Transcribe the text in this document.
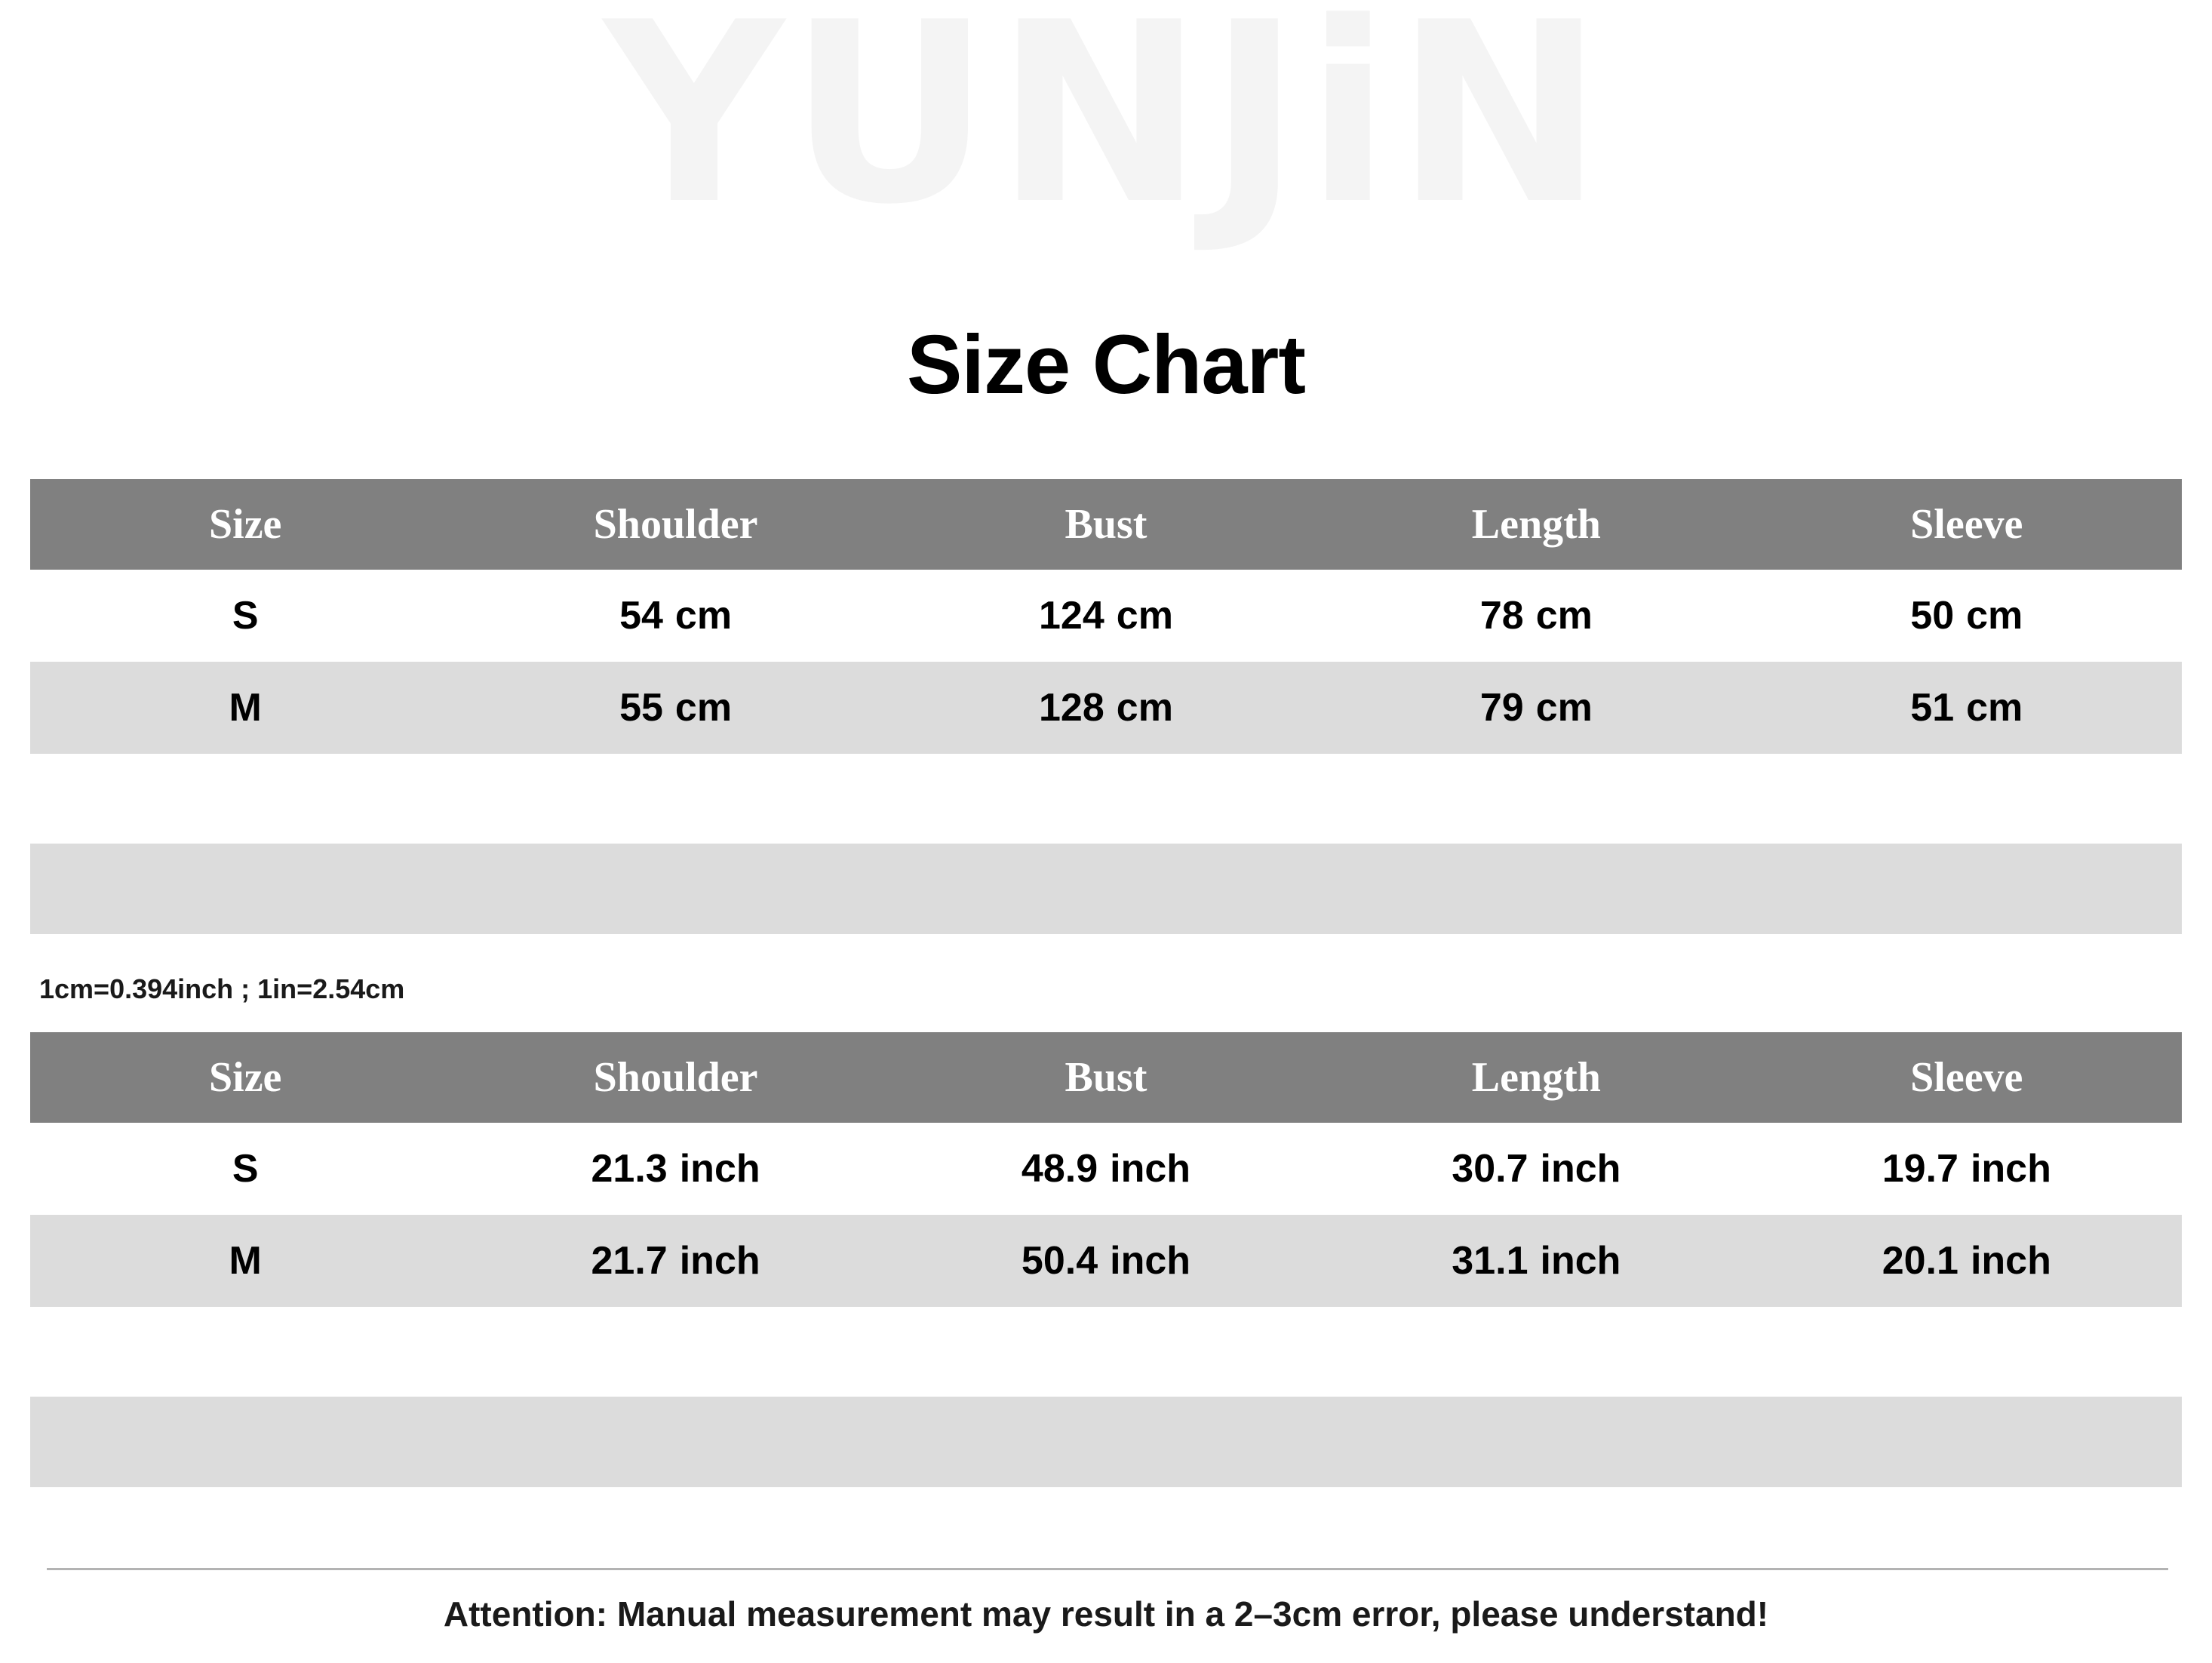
YUNJiN
Size Chart
Size	Shoulder	Bust	Length	Sleeve
S	54 cm	124 cm	78 cm	50 cm
M	55 cm	128 cm	79 cm	51 cm
1cm=0.394inch ; 1in=2.54cm
Size	Shoulder	Bust	Length	Sleeve
S	21.3 inch	48.9 inch	30.7 inch	19.7 inch
M	21.7 inch	50.4 inch	31.1 inch	20.1 inch
Attention: Manual measurement may result in a 2–3cm error, please understand!
